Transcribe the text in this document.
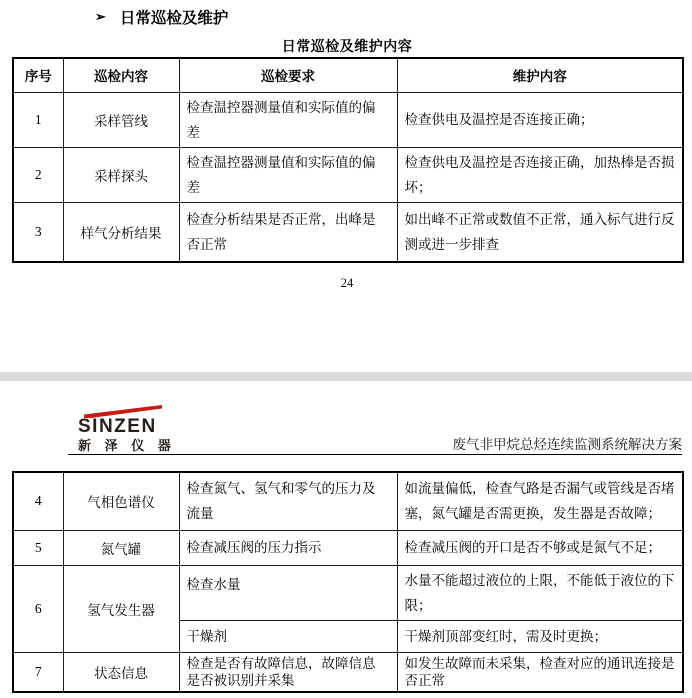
➢ 日常巡检及维护
日常巡检及维护内容
序号	巡检内容	巡检要求	维护内容
1	采样管线	检查温控器测量值和实际值的偏差	检查供电及温控是否连接正确；
2	采样探头	检查温控器测量值和实际值的偏差	检查供电及温控是否连接正确，加热棒是否损坏；
3	样气分析结果	检查分析结果是否正常，出峰是否正常	如出峰不正常或数值不正常，通入标气进行反测或进一步排查
24
SINZEN
新 泽 仪 器	废气非甲烷总烃连续监测系统解决方案
4	气相色谱仪	检查氮气、氢气和零气的压力及流量	如流量偏低，检查气路是否漏气或管线是否堵塞，氮气罐是否需更换，发生器是否故障；
5	氮气罐	检查减压阀的压力指示	检查减压阀的开口是否不够或是氮气不足；
6	氢气发生器	检查水量	水量不能超过液位的上限，不能低于液位的下限；
		干燥剂	干燥剂顶部变红时，需及时更换；
7	状态信息	检查是否有故障信息，故障信息是否被识别并采集	如发生故障而未采集，检查对应的通讯连接是否正常
